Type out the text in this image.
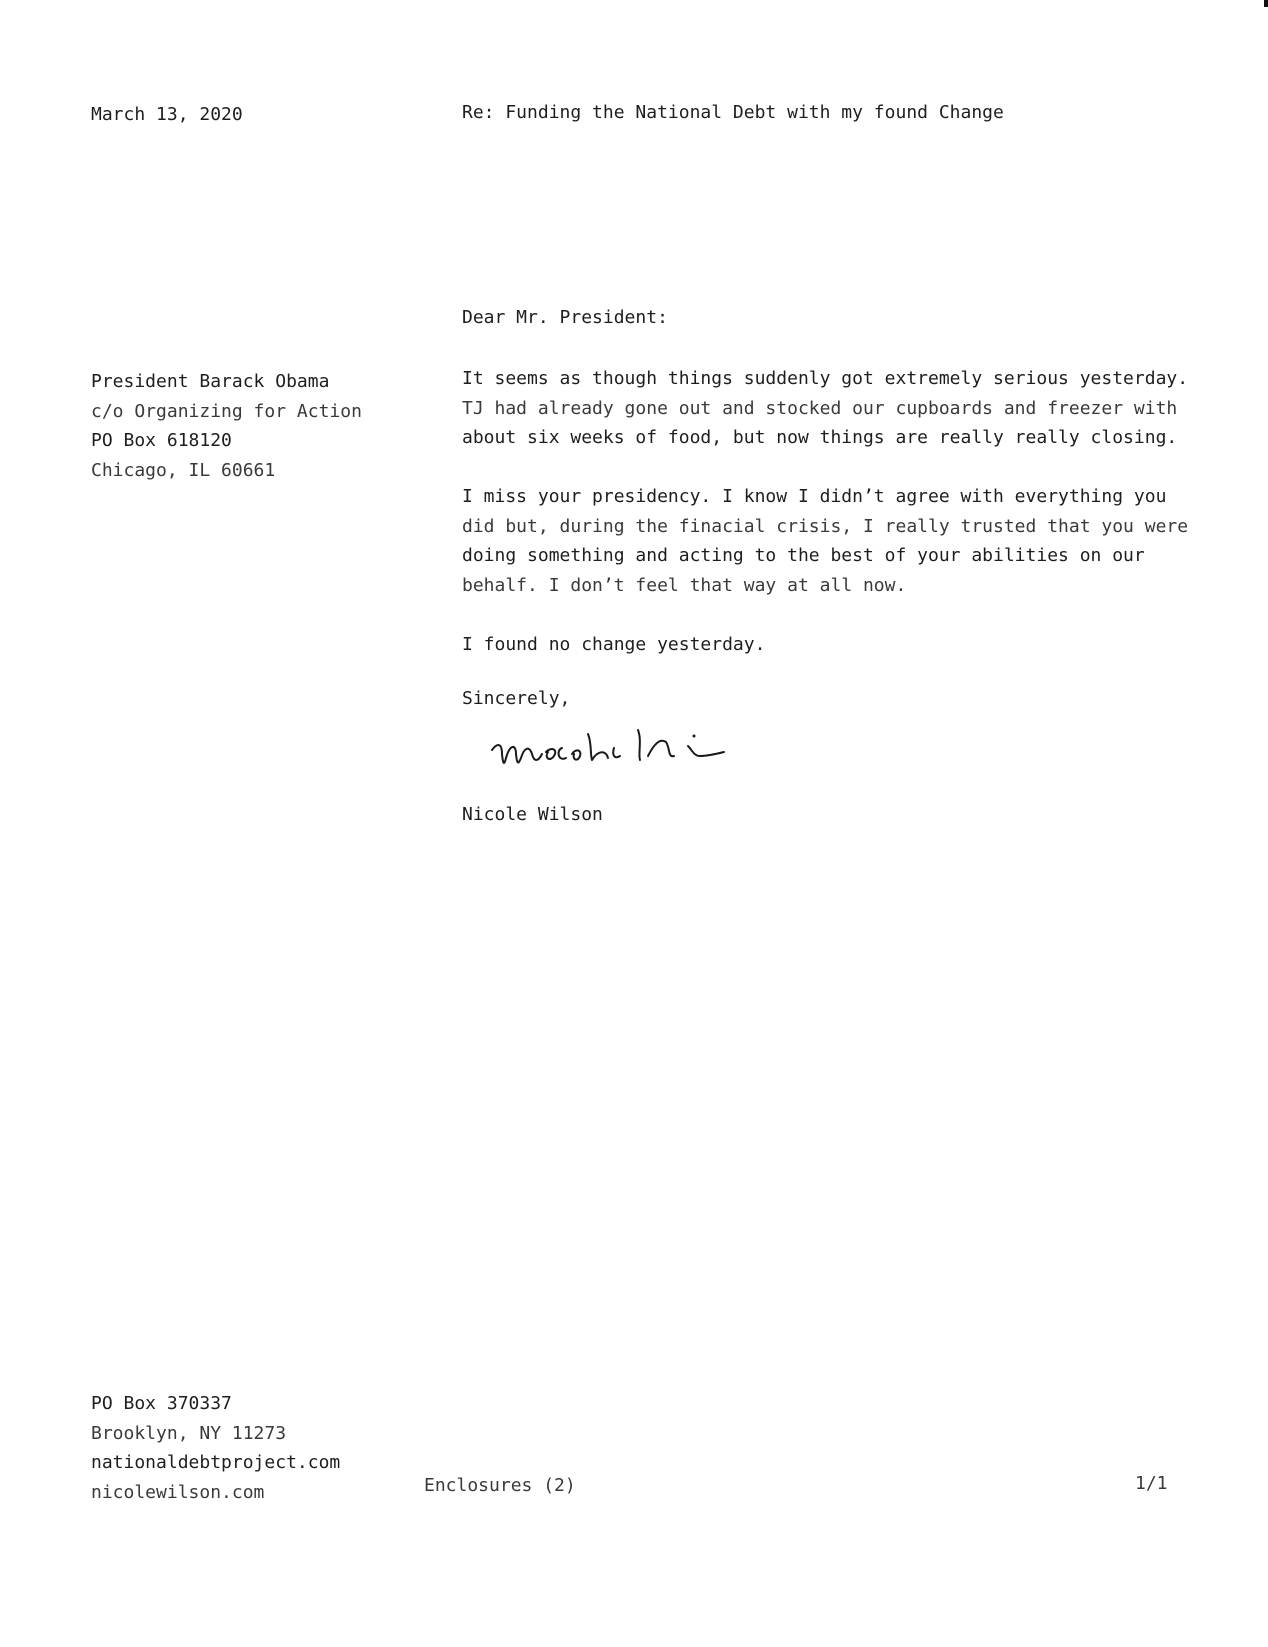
March 13, 2020	Re: Funding the National Debt with my found Change
Dear Mr. President:
President Barack Obama
c/o Organizing for Action
PO Box 618120
Chicago, IL 60661
It seems as though things suddenly got extremely serious yesterday.
TJ had already gone out and stocked our cupboards and freezer with
about six weeks of food, but now things are really really closing.
I miss your presidency. I know I didn’t agree with everything you
did but, during the finacial crisis, I really trusted that you were
doing something and acting to the best of your abilities on our
behalf. I don’t feel that way at all now.
I found no change yesterday.
Sincerely,
Nicole Wilson
PO Box 370337
Brooklyn, NY 11273
nationaldebtproject.com
nicolewilson.com	Enclosures (2)	1/1
